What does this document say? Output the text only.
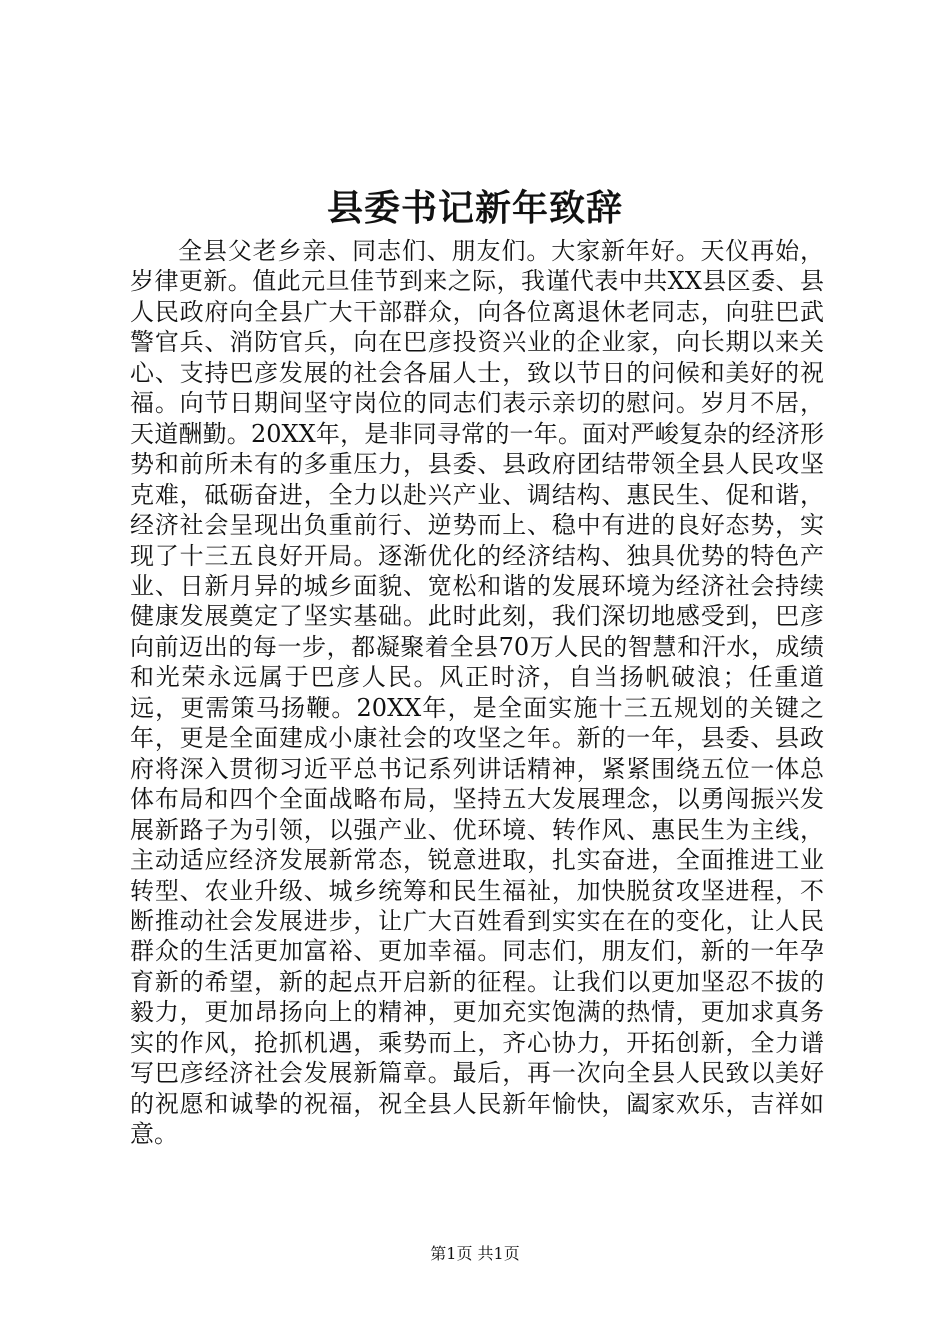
县委书记新年致辞
全县父老乡亲、同志们、朋友们。大家新年好。天仪再始，岁律更新。值此元旦佳节到来之际，我谨代表中共XX县区委、县人民政府向全县广大干部群众，向各位离退休老同志，向驻巴武警官兵、消防官兵，向在巴彦投资兴业的企业家，向长期以来关心、支持巴彦发展的社会各届人士，致以节日的问候和美好的祝福。向节日期间坚守岗位的同志们表示亲切的慰问。岁月不居，天道酬勤。20XX年，是非同寻常的一年。面对严峻复杂的经济形势和前所未有的多重压力，县委、县政府团结带领全县人民攻坚克难，砥砺奋进，全力以赴兴产业、调结构、惠民生、促和谐，经济社会呈现出负重前行、逆势而上、稳中有进的良好态势，实现了十三五良好开局。逐渐优化的经济结构、独具优势的特色产业、日新月异的城乡面貌、宽松和谐的发展环境为经济社会持续健康发展奠定了坚实基础。此时此刻，我们深切地感受到，巴彦向前迈出的每一步，都凝聚着全县70万人民的智慧和汗水，成绩和光荣永远属于巴彦人民。风正时济，自当扬帆破浪；任重道远，更需策马扬鞭。20XX年，是全面实施十三五规划的关键之年，更是全面建成小康社会的攻坚之年。新的一年，县委、县政府将深入贯彻习近平总书记系列讲话精神，紧紧围绕五位一体总体布局和四个全面战略布局，坚持五大发展理念，以勇闯振兴发展新路子为引领，以强产业、优环境、转作风、惠民生为主线，主动适应经济发展新常态，锐意进取，扎实奋进，全面推进工业转型、农业升级、城乡统筹和民生福祉，加快脱贫攻坚进程，不断推动社会发展进步，让广大百姓看到实实在在的变化，让人民群众的生活更加富裕、更加幸福。同志们，朋友们，新的一年孕育新的希望，新的起点开启新的征程。让我们以更加坚忍不拔的毅力，更加昂扬向上的精神，更加充实饱满的热情，更加求真务实的作风，抢抓机遇，乘势而上，齐心协力，开拓创新，全力谱写巴彦经济社会发展新篇章。最后，再一次向全县人民致以美好的祝愿和诚挚的祝福，祝全县人民新年愉快，阖家欢乐，吉祥如意。
第1页 共1页
